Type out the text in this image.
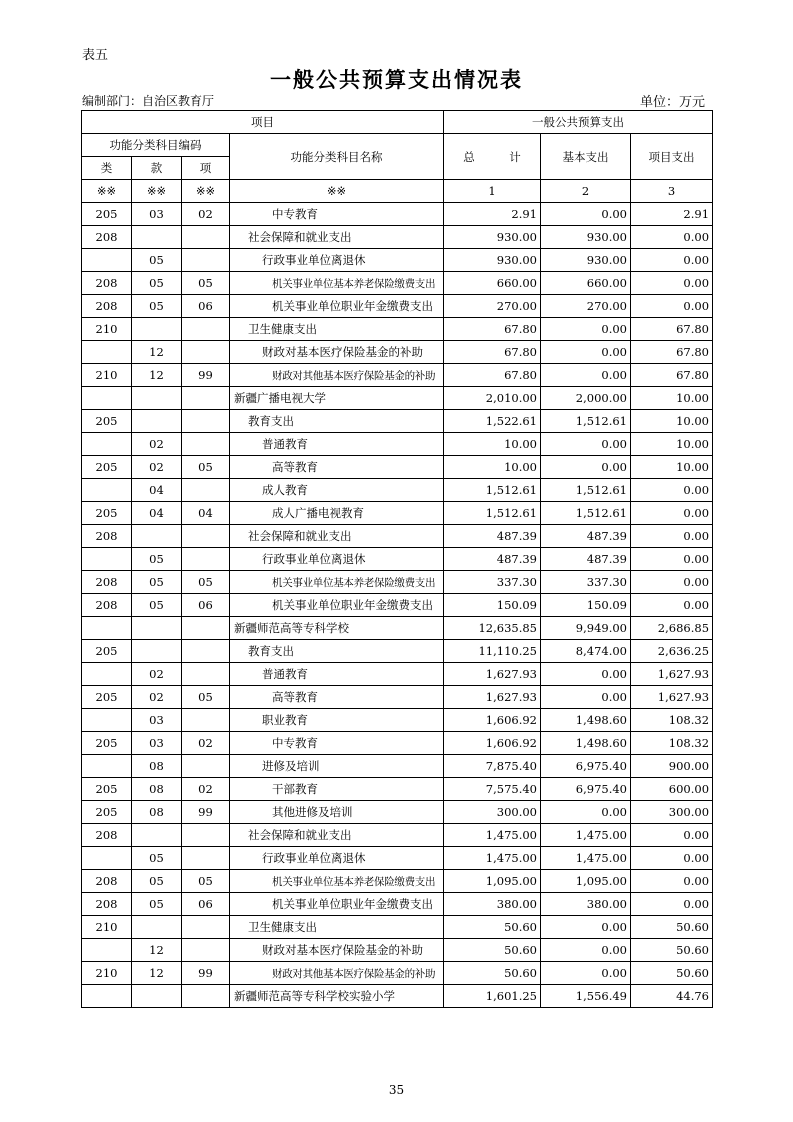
表五
一般公共预算支出情况表
编制部门：自治区教育厅	单位：万元
项目				一般公共预算支出		
功能分类科目编码			功能分类科目名称	总　　　计	基本支出	项目支出
类	款	项				
※※	※※	※※	※※	1	2	3
205	03	02	中专教育	2.91	0.00	2.91
208			社会保障和就业支出	930.00	930.00	0.00
	05		行政事业单位离退休	930.00	930.00	0.00
208	05	05	机关事业单位基本养老保险缴费支出	660.00	660.00	0.00
208	05	06	机关事业单位职业年金缴费支出	270.00	270.00	0.00
210			卫生健康支出	67.80	0.00	67.80
	12		财政对基本医疗保险基金的补助	67.80	0.00	67.80
210	12	99	财政对其他基本医疗保险基金的补助	67.80	0.00	67.80
			新疆广播电视大学	2,010.00	2,000.00	10.00
205			教育支出	1,522.61	1,512.61	10.00
	02		普通教育	10.00	0.00	10.00
205	02	05	高等教育	10.00	0.00	10.00
	04		成人教育	1,512.61	1,512.61	0.00
205	04	04	成人广播电视教育	1,512.61	1,512.61	0.00
208			社会保障和就业支出	487.39	487.39	0.00
	05		行政事业单位离退休	487.39	487.39	0.00
208	05	05	机关事业单位基本养老保险缴费支出	337.30	337.30	0.00
208	05	06	机关事业单位职业年金缴费支出	150.09	150.09	0.00
			新疆师范高等专科学校	12,635.85	9,949.00	2,686.85
205			教育支出	11,110.25	8,474.00	2,636.25
	02		普通教育	1,627.93	0.00	1,627.93
205	02	05	高等教育	1,627.93	0.00	1,627.93
	03		职业教育	1,606.92	1,498.60	108.32
205	03	02	中专教育	1,606.92	1,498.60	108.32
	08		进修及培训	7,875.40	6,975.40	900.00
205	08	02	干部教育	7,575.40	6,975.40	600.00
205	08	99	其他进修及培训	300.00	0.00	300.00
208			社会保障和就业支出	1,475.00	1,475.00	0.00
	05		行政事业单位离退休	1,475.00	1,475.00	0.00
208	05	05	机关事业单位基本养老保险缴费支出	1,095.00	1,095.00	0.00
208	05	06	机关事业单位职业年金缴费支出	380.00	380.00	0.00
210			卫生健康支出	50.60	0.00	50.60
	12		财政对基本医疗保险基金的补助	50.60	0.00	50.60
210	12	99	财政对其他基本医疗保险基金的补助	50.60	0.00	50.60
			新疆师范高等专科学校实验小学	1,601.25	1,556.49	44.76
35
